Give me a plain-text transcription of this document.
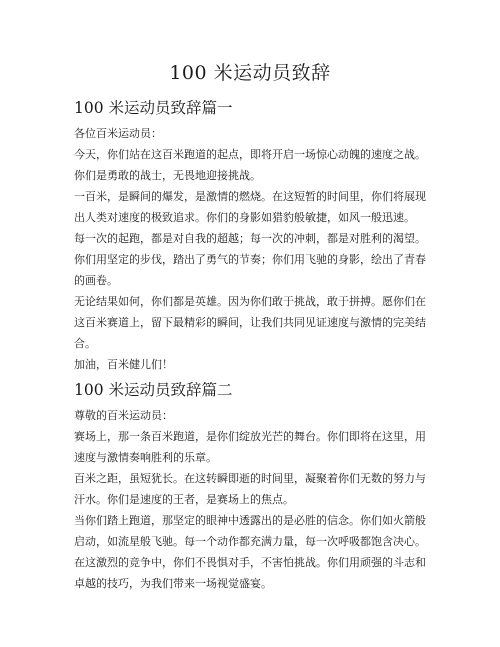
100 米运动员致辞
100 米运动员致辞篇一

各位百米运动员：

今天，你们站在这百米跑道的起点，即将开启一场惊心动魄的速度之战。你们是勇敢的战士，无畏地迎接挑战。

一百米，是瞬间的爆发，是激情的燃烧。在这短暂的时间里，你们将展现出人类对速度的极致追求。你们的身影如猎豹般敏捷，如风一般迅速。

每一次的起跑，都是对自我的超越；每一次的冲刺，都是对胜利的渴望。你们用坚定的步伐，踏出了勇气的节奏；你们用飞驰的身影，绘出了青春的画卷。

无论结果如何，你们都是英雄。因为你们敢于挑战，敢于拼搏。愿你们在这百米赛道上，留下最精彩的瞬间，让我们共同见证速度与激情的完美结合。

加油，百米健儿们！

100 米运动员致辞篇二

尊敬的百米运动员：

赛场上，那一条百米跑道，是你们绽放光芒的舞台。你们即将在这里，用速度与激情奏响胜利的乐章。

百米之距，虽短犹长。在这转瞬即逝的时间里，凝聚着你们无数的努力与汗水。你们是速度的王者，是赛场上的焦点。

当你们踏上跑道，那坚定的眼神中透露出的是必胜的信念。你们如火箭般启动，如流星般飞驰。每一个动作都充满力量，每一次呼吸都饱含决心。

在这激烈的竞争中，你们不畏惧对手，不害怕挑战。你们用顽强的斗志和卓越的技巧，为我们带来一场视觉盛宴。
